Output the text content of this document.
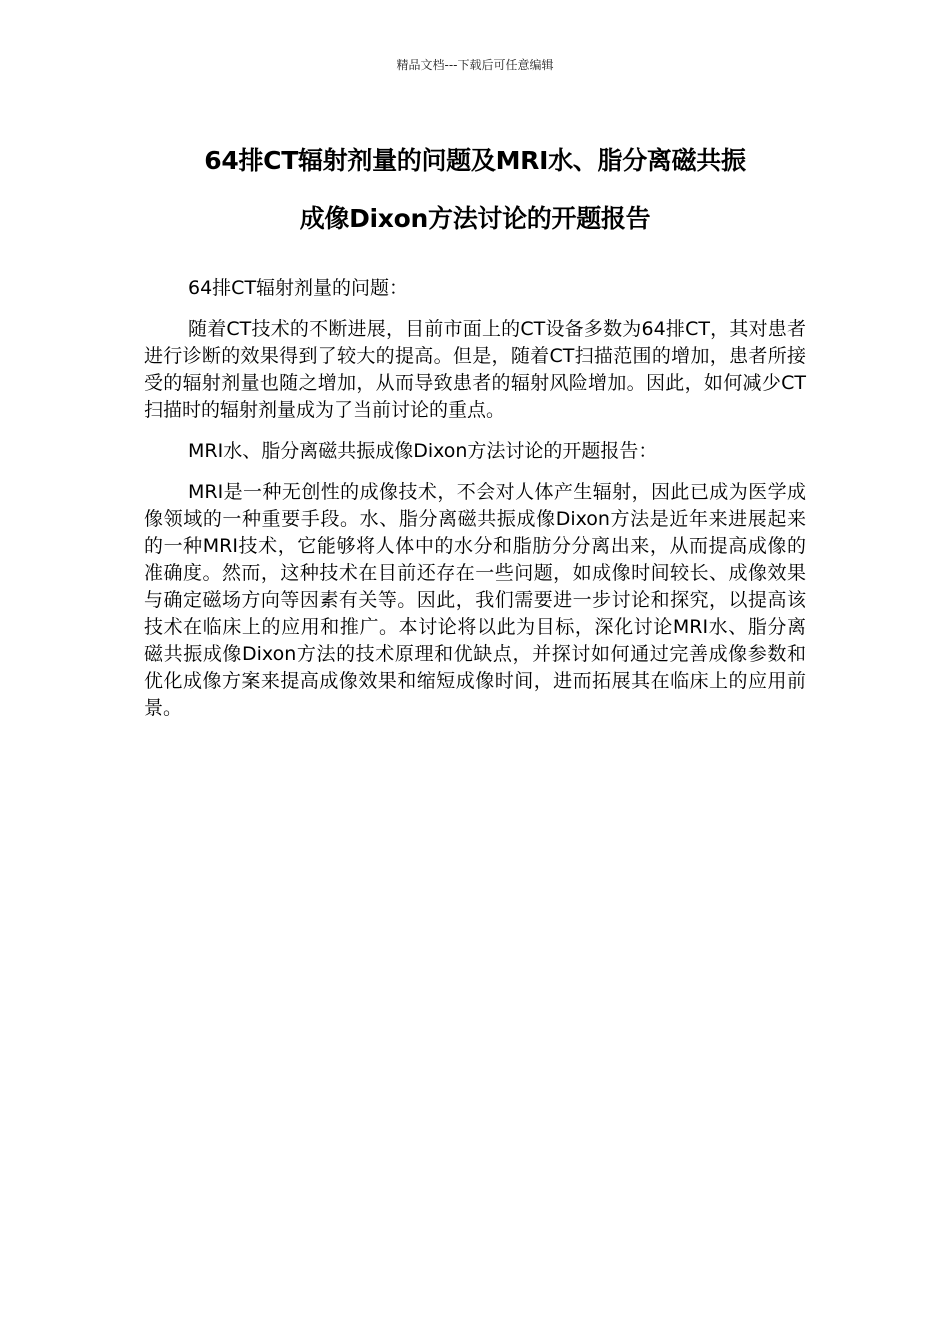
精品文档---下载后可任意编辑
64排CT辐射剂量的问题及MRI水、脂分离磁共振
成像Dixon方法讨论的开题报告
64排CT辐射剂量的问题：
随着CT技术的不断进展，目前市面上的CT设备多数为64排CT，其对患者进行诊断的效果得到了较大的提高。但是，随着CT扫描范围的增加，患者所接受的辐射剂量也随之增加，从而导致患者的辐射风险增加。因此，如何减少CT扫描时的辐射剂量成为了当前讨论的重点。
MRI水、脂分离磁共振成像Dixon方法讨论的开题报告：
MRI是一种无创性的成像技术，不会对人体产生辐射，因此已成为医学成像领域的一种重要手段。水、脂分离磁共振成像Dixon方法是近年来进展起来的一种MRI技术，它能够将人体中的水分和脂肪分分离出来，从而提高成像的准确度。然而，这种技术在目前还存在一些问题，如成像时间较长、成像效果与确定磁场方向等因素有关等。因此，我们需要进一步讨论和探究，以提高该技术在临床上的应用和推广。本讨论将以此为目标，深化讨论MRI水、脂分离磁共振成像Dixon方法的技术原理和优缺点，并探讨如何通过完善成像参数和优化成像方案来提高成像效果和缩短成像时间，进而拓展其在临床上的应用前景。
